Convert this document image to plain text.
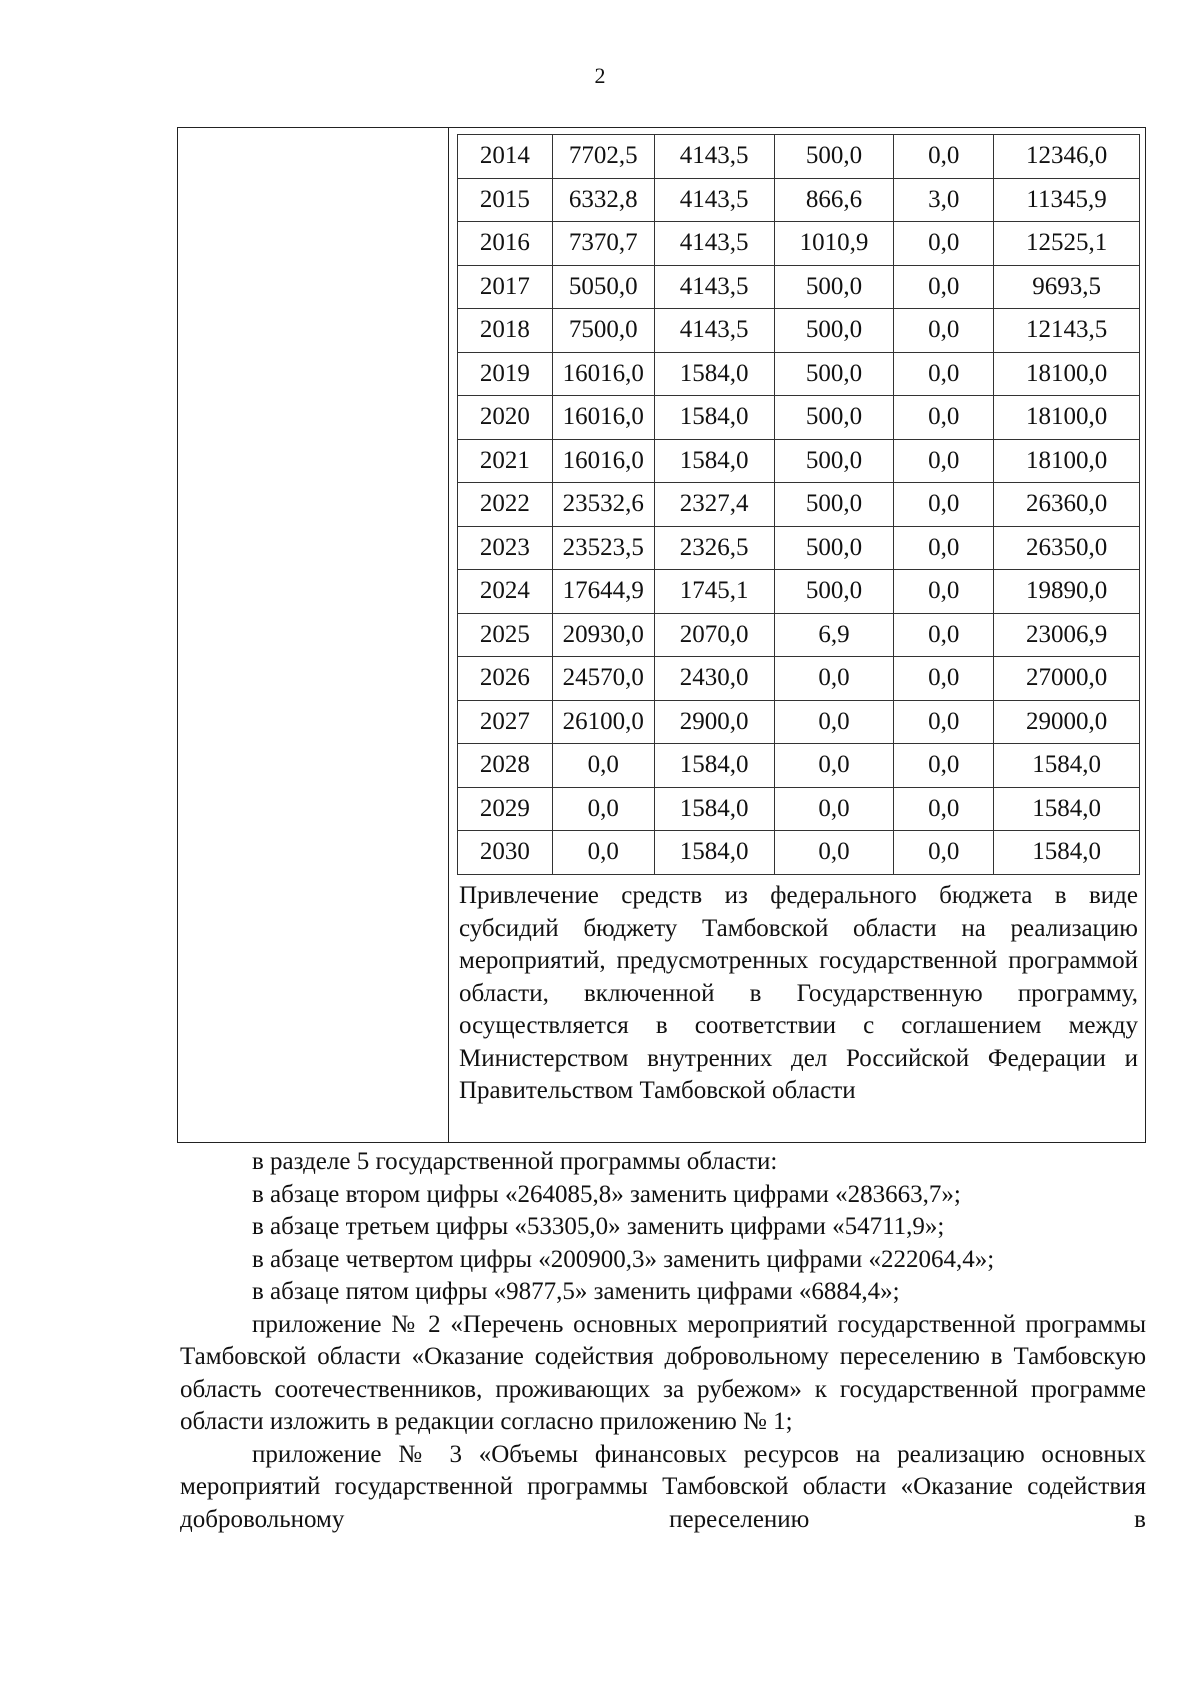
2
2014	7702,5	4143,5	500,0	0,0	12346,0
2015	6332,8	4143,5	866,6	3,0	11345,9
2016	7370,7	4143,5	1010,9	0,0	12525,1
2017	5050,0	4143,5	500,0	0,0	9693,5
2018	7500,0	4143,5	500,0	0,0	12143,5
2019	16016,0	1584,0	500,0	0,0	18100,0
2020	16016,0	1584,0	500,0	0,0	18100,0
2021	16016,0	1584,0	500,0	0,0	18100,0
2022	23532,6	2327,4	500,0	0,0	26360,0
2023	23523,5	2326,5	500,0	0,0	26350,0
2024	17644,9	1745,1	500,0	0,0	19890,0
2025	20930,0	2070,0	6,9	0,0	23006,9
2026	24570,0	2430,0	0,0	0,0	27000,0
2027	26100,0	2900,0	0,0	0,0	29000,0
2028	0,0	1584,0	0,0	0,0	1584,0
2029	0,0	1584,0	0,0	0,0	1584,0
2030	0,0	1584,0	0,0	0,0	1584,0
Привлечение средств из федерального бюджета в виде субсидий бюджету Тамбовской области на реализацию мероприятий, предусмотренных государственной программой области, включенной в Государственную программу, осуществляется в соответствии с соглашением между Министерством внутренних дел Российской Федерации и Правительством Тамбовской области

в разделе 5 государственной программы области:

в абзаце втором цифры «264085,8» заменить цифрами «283663,7»;

в абзаце третьем цифры «53305,0» заменить цифрами «54711,9»;

в абзаце четвертом цифры «200900,3» заменить цифрами «222064,4»;

в абзаце пятом цифры «9877,5» заменить цифрами «6884,4»;

приложение № 2 «Перечень основных мероприятий государственной программы Тамбовской области «Оказание содействия добровольному переселению в Тамбовскую область соотечественников, проживающих за рубежом» к государственной программе области изложить в редакции согласно приложению № 1;

приложение № 3 «Объемы финансовых ресурсов на реализацию основных мероприятий государственной программы Тамбовской области «Оказание содействия добровольному переселению в
